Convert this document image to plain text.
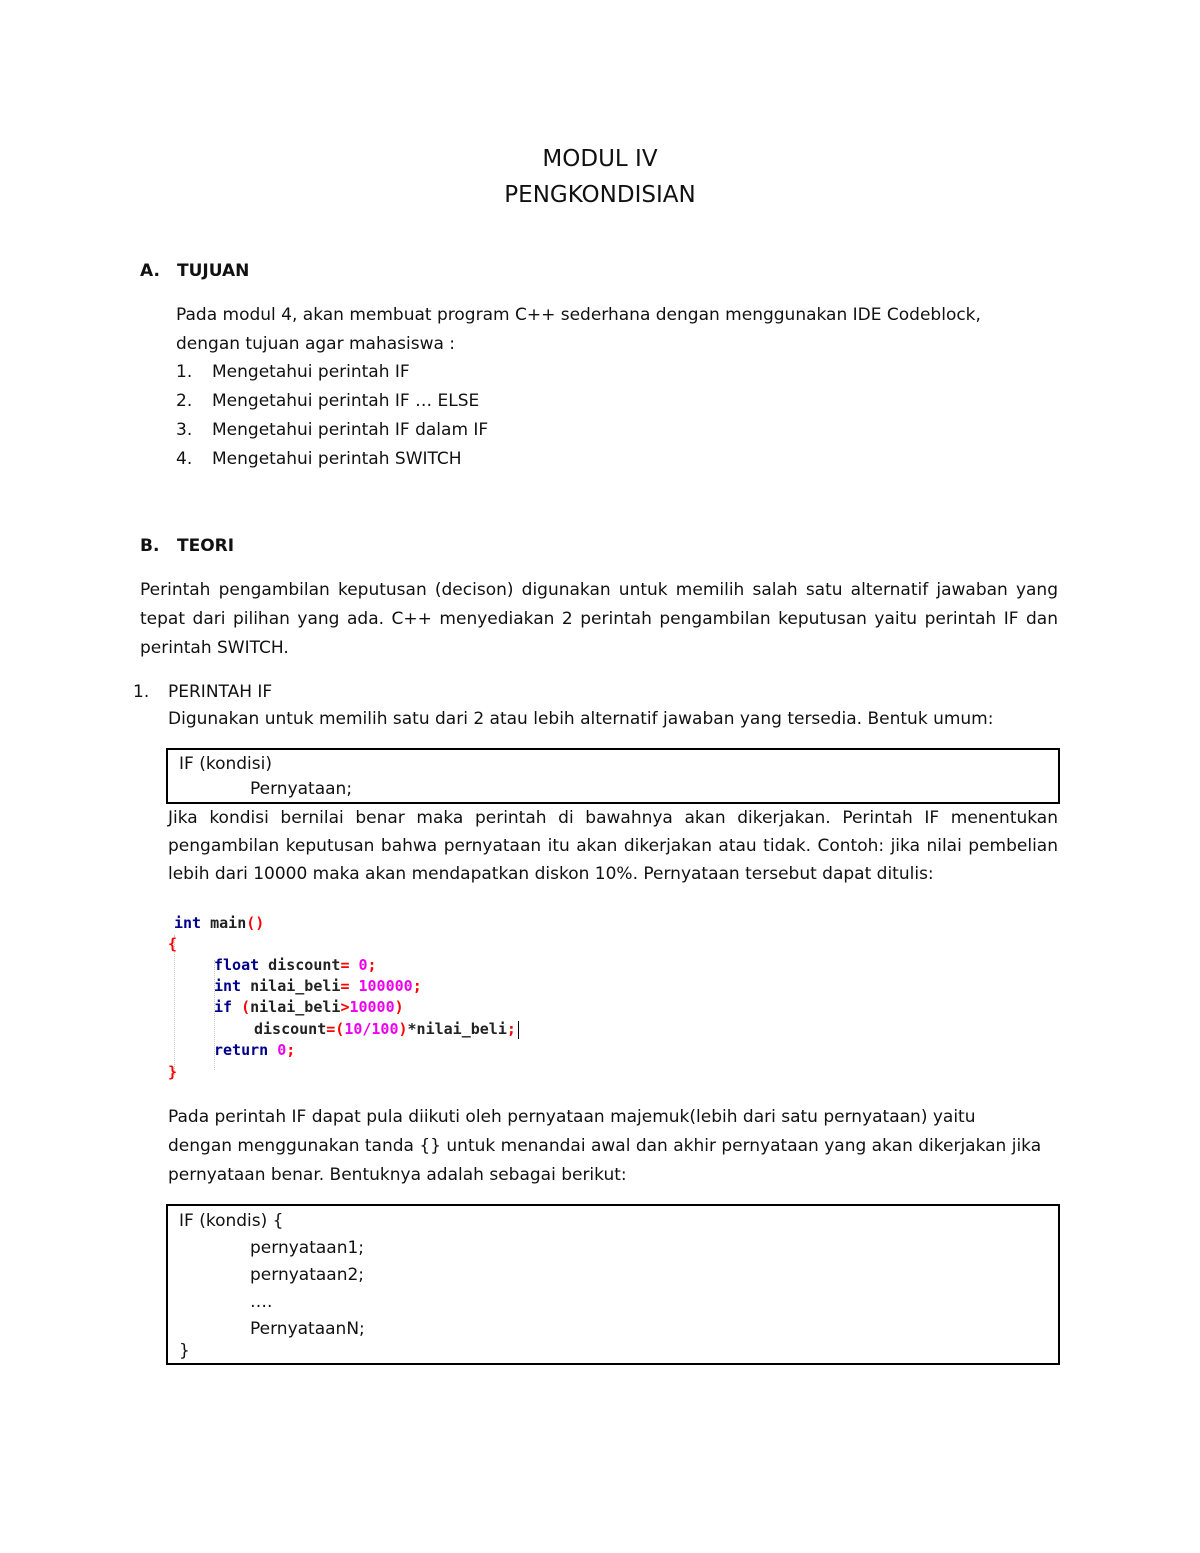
MODUL IV
PENGKONDISIAN
A. TUJUAN
Pada modul 4, akan membuat program C++ sederhana dengan menggunakan IDE Codeblock,
dengan tujuan agar mahasiswa :
1. Mengetahui perintah IF
2. Mengetahui perintah IF … ELSE
3. Mengetahui perintah IF dalam IF
4. Mengetahui perintah SWITCH
B. TEORI
Perintah pengambilan keputusan (decison) digunakan untuk memilih salah satu alternatif jawaban yang
tepat dari pilihan yang ada. C++ menyediakan 2 perintah pengambilan keputusan yaitu perintah IF dan
perintah SWITCH.
1. PERINTAH IF
Digunakan untuk memilih satu dari 2 atau lebih alternatif jawaban yang tersedia. Bentuk umum:
IF (kondisi)
Pernyataan;
Jika kondisi bernilai benar maka perintah di bawahnya akan dikerjakan. Perintah IF menentukan
pengambilan keputusan bahwa pernyataan itu akan dikerjakan atau tidak. Contoh: jika nilai pembelian
lebih dari 10000 maka akan mendapatkan diskon 10%. Pernyataan tersebut dapat ditulis:
int main()
{
float discount= 0;
int nilai_beli= 100000;
if (nilai_beli>10000)
discount=(10/100)*nilai_beli;
return 0;
}
Pada perintah IF dapat pula diikuti oleh pernyataan majemuk(lebih dari satu pernyataan) yaitu
dengan menggunakan tanda {} untuk menandai awal dan akhir pernyataan yang akan dikerjakan jika
pernyataan benar. Bentuknya adalah sebagai berikut:
IF (kondis) {
pernyataan1;
pernyataan2;
….
PernyataanN;
}
